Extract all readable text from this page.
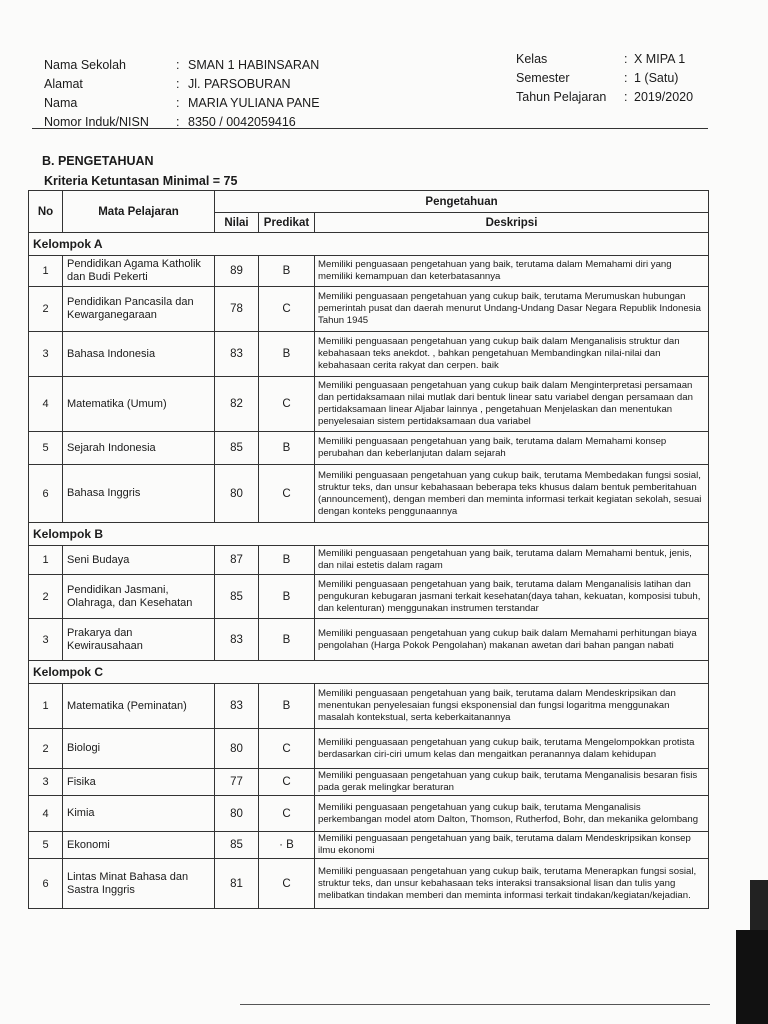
Nama Sekolah	: SMAN 1 HABINSARAN
Alamat	: Jl. PARSOBURAN
Nama	: MARIA YULIANA PANE
Nomor Induk/NISN : 8350 / 0042059416
Kelas	: X MIPA 1
Semester	: 1 (Satu)
Tahun Pelajaran : 2019/2020
B. PENGETAHUAN
Kriteria Ketuntasan Minimal = 75
No	Mata Pelajaran	Pengetahuan		
		Nilai	Predikat	Deskripsi
Kelompok A				
1	Pendidikan Agama Katholik dan Budi Pekerti	89	B	Memiliki penguasaan pengetahuan yang baik, terutama dalam Memahami diri yang memiliki kemampuan dan keterbatasannya
2	Pendidikan Pancasila dan Kewarganegaraan	78	C	Memiliki penguasaan pengetahuan yang cukup baik, terutama Merumuskan hubungan pemerintah pusat dan daerah menurut Undang-Undang Dasar Negara Republik Indonesia Tahun 1945
3	Bahasa Indonesia	83	B	Memiliki penguasaan pengetahuan yang cukup baik dalam Menganalisis struktur dan kebahasaan teks anekdot. , bahkan pengetahuan Membandingkan nilai-nilai dan kebahasaan cerita rakyat dan cerpen. baik
4	Matematika (Umum)	82	C	Memiliki penguasaan pengetahuan yang cukup baik dalam Menginterpretasi persamaan dan pertidaksamaan nilai mutlak dari bentuk linear satu variabel dengan persamaan dan pertidaksamaan linear Aljabar lainnya , pengetahuan Menjelaskan dan menentukan penyelesaian sistem pertidaksamaan dua variabel
5	Sejarah Indonesia	85	B	Memiliki penguasaan pengetahuan yang baik, terutama dalam Memahami konsep perubahan dan keberlanjutan dalam sejarah
6	Bahasa Inggris	80	C	Memiliki penguasaan pengetahuan yang cukup baik, terutama Membedakan fungsi sosial, struktur teks, dan unsur kebahasaan beberapa teks khusus dalam bentuk pemberitahuan (announcement), dengan memberi dan meminta informasi terkait kegiatan sekolah, sesuai dengan konteks penggunaannya
Kelompok B				
1	Seni Budaya	87	B	Memiliki penguasaan pengetahuan yang baik, terutama dalam Memahami bentuk, jenis, dan nilai estetis dalam ragam
2	Pendidikan Jasmani, Olahraga, dan Kesehatan	85	B	Memiliki penguasaan pengetahuan yang baik, terutama dalam Menganalisis latihan dan pengukuran kebugaran jasmani terkait kesehatan(daya tahan, kekuatan, komposisi tubuh, dan kelenturan) menggunakan instrumen terstandar
3	Prakarya dan Kewirausahaan	83	B	Memiliki penguasaan pengetahuan yang cukup baik dalam Memahami perhitungan biaya pengolahan (Harga Pokok Pengolahan) makanan awetan dari bahan pangan nabati
Kelompok C				
1	Matematika (Peminatan)	83	B	Memiliki penguasaan pengetahuan yang baik, terutama dalam Mendeskripsikan dan menentukan penyelesaian fungsi eksponensial dan fungsi logaritma menggunakan masalah kontekstual, serta keberkaitanannya
2	Biologi	80	C	Memiliki penguasaan pengetahuan yang cukup baik, terutama Mengelompokkan protista berdasarkan ciri-ciri umum kelas dan mengaitkan peranannya dalam kehidupan
3	Fisika	77	C	Memiliki penguasaan pengetahuan yang cukup baik, terutama Menganalisis besaran fisis pada gerak melingkar beraturan
4	Kimia	80	C	Memiliki penguasaan pengetahuan yang cukup baik, terutama Menganalisis perkembangan model atom Dalton, Thomson, Rutherfod, Bohr, dan mekanika gelombang
5	Ekonomi	85	· B	Memiliki penguasaan pengetahuan yang baik, terutama dalam Mendeskripsikan konsep ilmu ekonomi
6	Lintas Minat Bahasa dan Sastra Inggris	81	C	Memiliki penguasaan pengetahuan yang cukup baik, terutama Menerapkan fungsi sosial, struktur teks, dan unsur kebahasaan teks interaksi transaksional lisan dan tulis yang melibatkan tindakan memberi dan meminta informasi terkait tindakan/kegiatan/kejadian.
